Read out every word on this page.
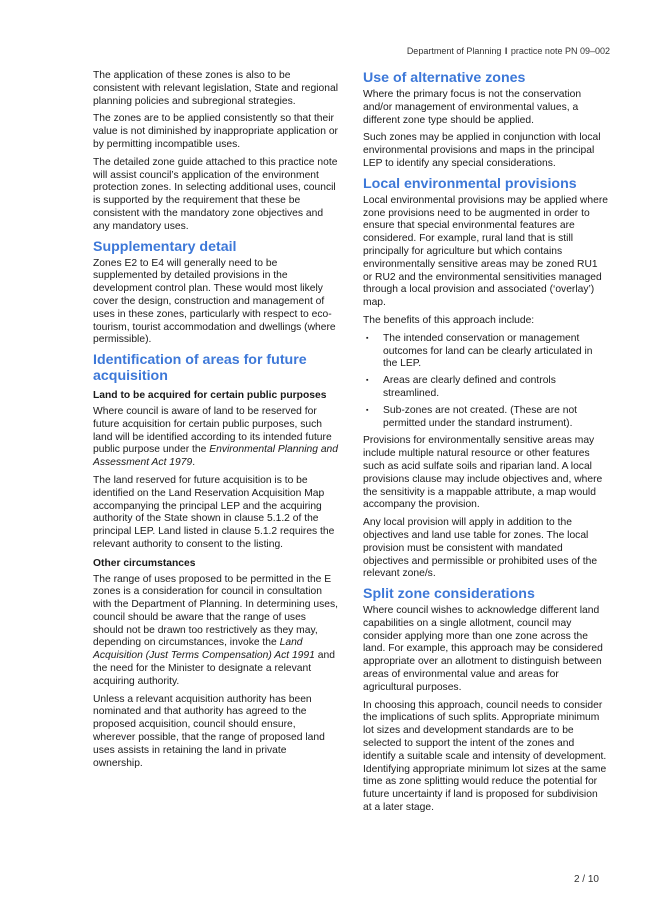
Department of Planning I practice note PN 09–002

The application of these zones is also to be consistent with relevant legislation, State and regional planning policies and subregional strategies.

The zones are to be applied consistently so that their value is not diminished by inappropriate application or by permitting incompatible uses.

The detailed zone guide attached to this practice note will assist council’s application of the environment protection zones. In selecting additional uses, council is supported by the requirement that these be consistent with the mandatory zone objectives and any mandatory uses.

Supplementary detail

Zones E2 to E4 will generally need to be supplemented by detailed provisions in the development control plan. These would most likely cover the design, construction and management of uses in these zones, particularly with respect to eco-tourism, tourist accommodation and dwellings (where permissible).

Identification of areas for future acquisition
Land to be acquired for certain public purposes

Where council is aware of land to be reserved for future acquisition for certain public purposes, such land will be identified according to its intended future public purpose under the Environmental Planning and Assessment Act 1979.

The land reserved for future acquisition is to be identified on the Land Reservation Acquisition Map accompanying the principal LEP and the acquiring authority of the State shown in clause 5.1.2 of the principal LEP. Land listed in clause 5.1.2 requires the relevant authority to consent to the listing.

Other circumstances

The range of uses proposed to be permitted in the E zones is a consideration for council in consultation with the Department of Planning. In determining uses, council should be aware that the range of uses should not be drawn too restrictively as they may, depending on circumstances, invoke the Land Acquisition (Just Terms Compensation) Act 1991 and the need for the Minister to designate a relevant acquiring authority.

Unless a relevant acquisition authority has been nominated and that authority has agreed to the proposed acquisition, council should ensure, wherever possible, that the range of proposed land uses assists in retaining the land in private ownership.

Use of alternative zones

Where the primary focus is not the conservation and/or management of environmental values, a different zone type should be applied.

Such zones may be applied in conjunction with local environmental provisions and maps in the principal LEP to identify any special considerations.

Local environmental provisions

Local environmental provisions may be applied where zone provisions need to be augmented in order to ensure that special environmental features are considered. For example, rural land that is still principally for agriculture but which contains environmentally sensitive areas may be zoned RU1 or RU2 and the environmental sensitivities managed through a local provision and associated (‘overlay’) map.

The benefits of this approach include:

▪ The intended conservation or management outcomes for land can be clearly articulated in the LEP.
▪ Areas are clearly defined and controls streamlined.
▪ Sub-zones are not created. (These are not permitted under the standard instrument).

Provisions for environmentally sensitive areas may include multiple natural resource or other features such as acid sulfate soils and riparian land. A local provisions clause may include objectives and, where the sensitivity is a mappable attribute, a map would accompany the provision.

Any local provision will apply in addition to the objectives and land use table for zones. The local provision must be consistent with mandated objectives and permissible or prohibited uses of the relevant zone/s.

Split zone considerations

Where council wishes to acknowledge different land capabilities on a single allotment, council may consider applying more than one zone across the land. For example, this approach may be considered appropriate over an allotment to distinguish between areas of environmental value and areas for agricultural purposes.

In choosing this approach, council needs to consider the implications of such splits. Appropriate minimum lot sizes and development standards are to be selected to support the intent of the zones and identify a suitable scale and intensity of development. Identifying appropriate minimum lot sizes at the same time as zone splitting would reduce the potential for future uncertainty if land is proposed for subdivision at a later stage.

2 / 10
